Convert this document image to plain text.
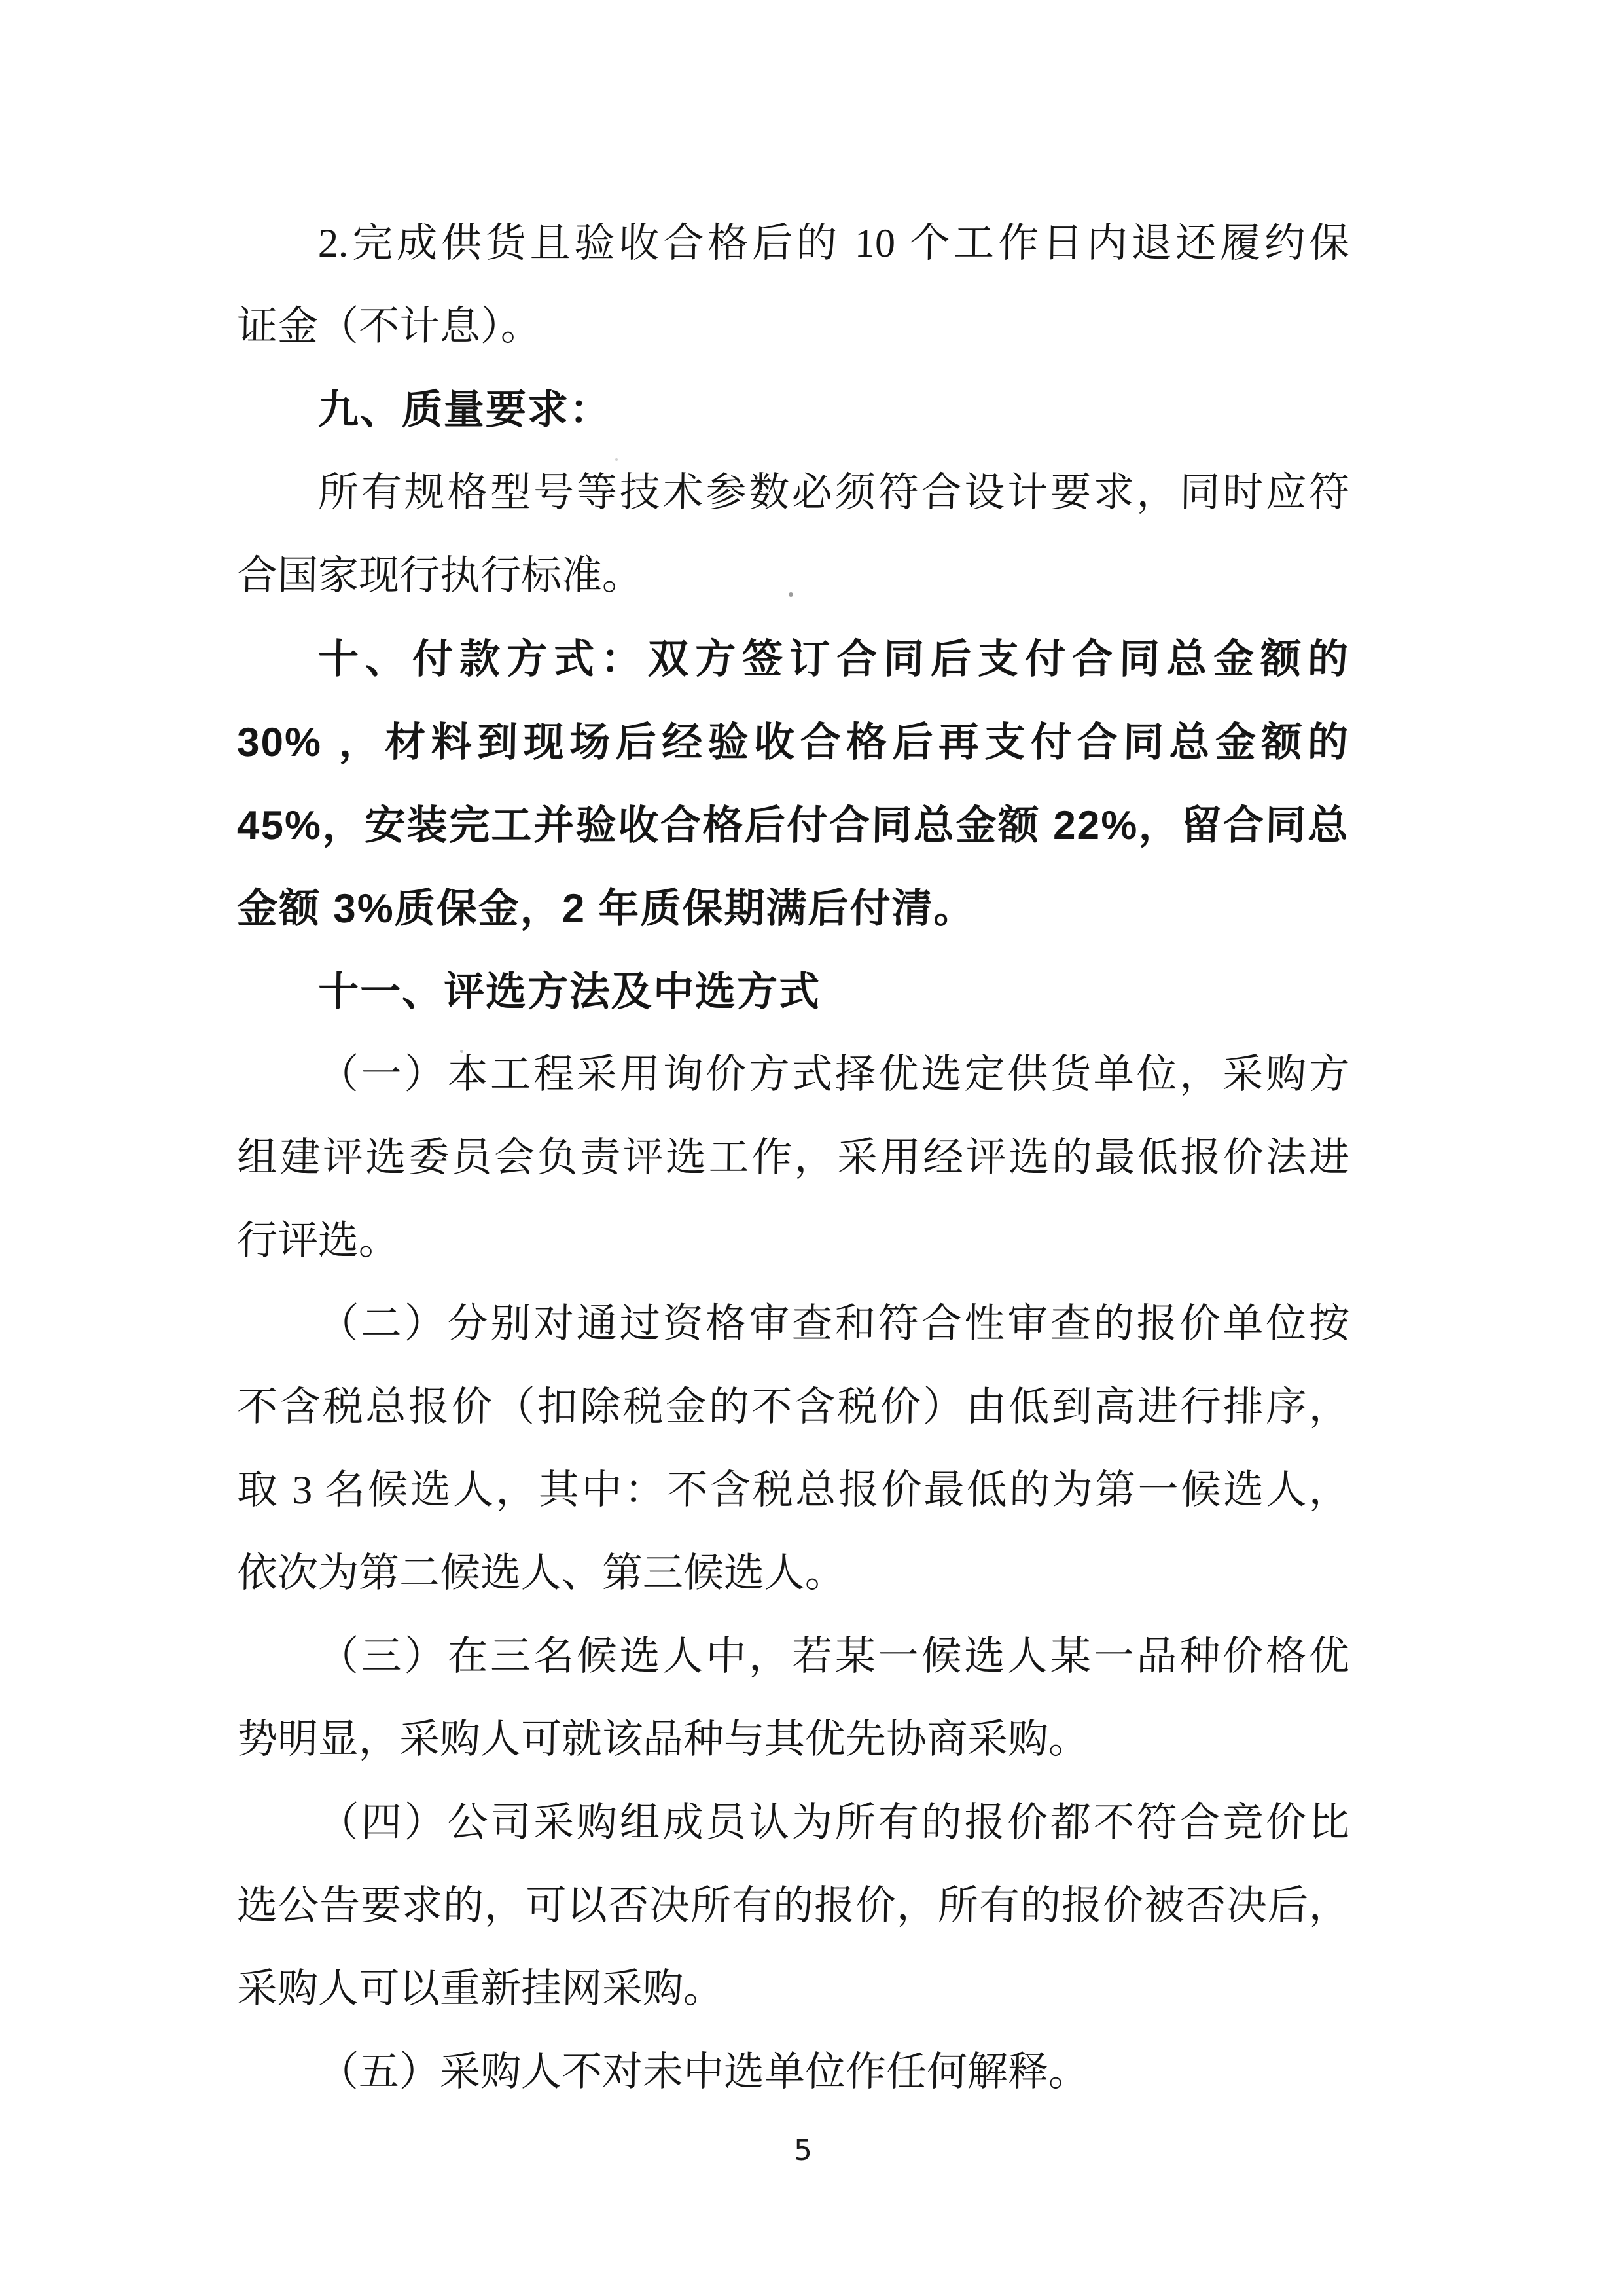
2.完成供货且验收合格后的 10 个工作日内退还履约保
证金（不计息）。
九、质量要求：
所有规格型号等技术参数必须符合设计要求，同时应符
合国家现行执行标准。
十、付款方式：双方签订合同后支付合同总金额的
30% ，材料到现场后经验收合格后再支付合同总金额的
45%，安装完工并验收合格后付合同总金额 22%，留合同总
金额 3%质保金，2 年质保期满后付清。
十一、评选方法及中选方式
（一）本工程采用询价方式择优选定供货单位，采购方
组建评选委员会负责评选工作，采用经评选的最低报价法进
行评选。
（二）分别对通过资格审查和符合性审查的报价单位按
不含税总报价（扣除税金的不含税价）由低到高进行排序，
取 3 名候选人，其中：不含税总报价最低的为第一候选人，
依次为第二候选人、第三候选人。
（三）在三名候选人中，若某一候选人某一品种价格优
势明显，采购人可就该品种与其优先协商采购。
（四）公司采购组成员认为所有的报价都不符合竞价比
选公告要求的，可以否决所有的报价，所有的报价被否决后，
采购人可以重新挂网采购。
（五）采购人不对未中选单位作任何解释。
5
